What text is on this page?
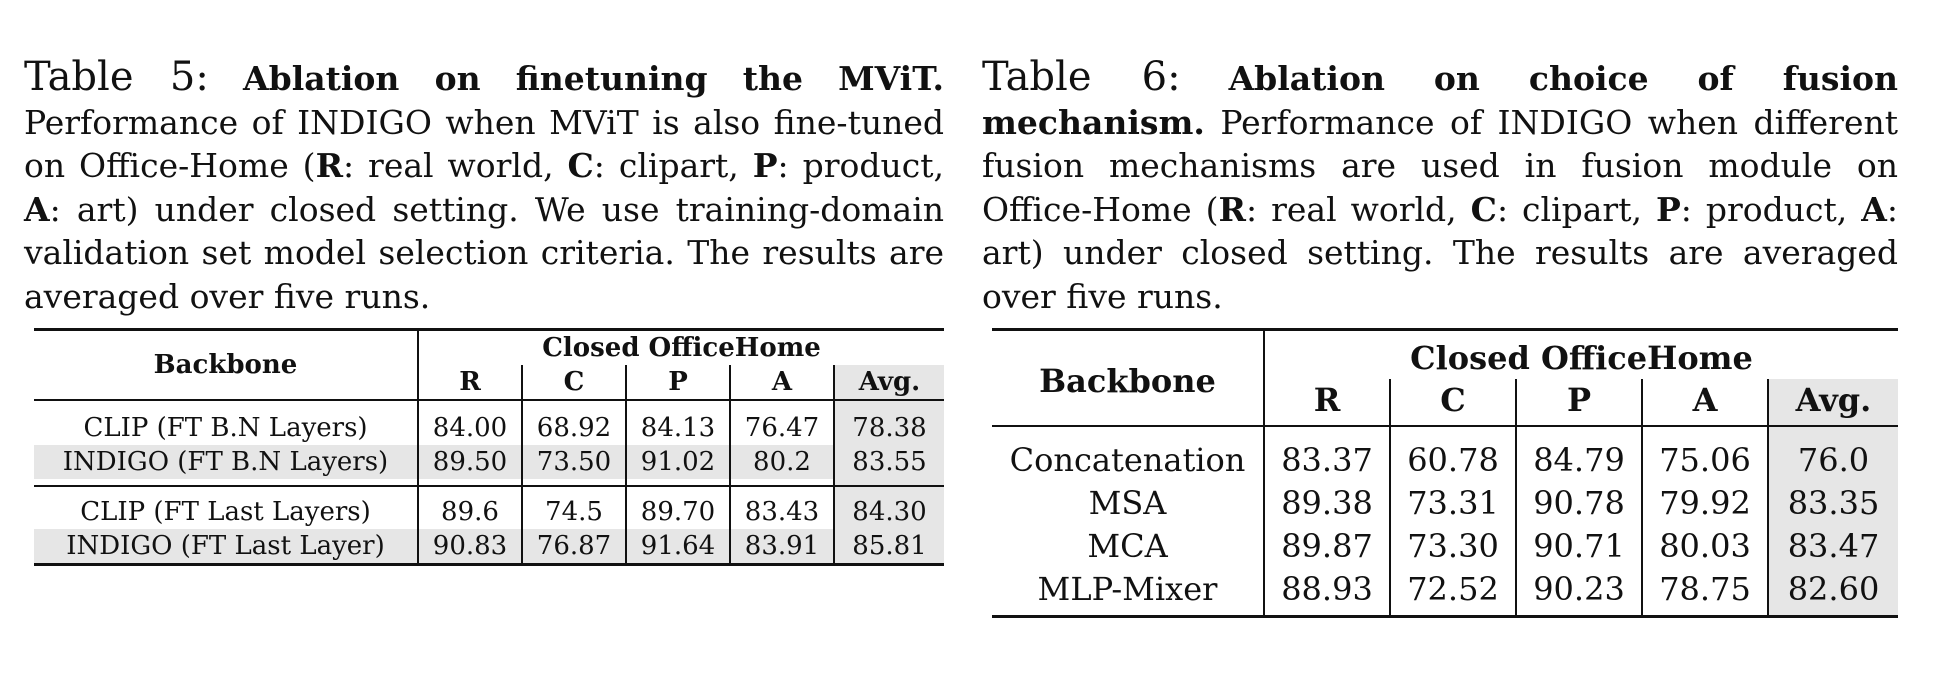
Table 5: Ablation on finetuning the MViT. Performance of INDIGO when MViT is also fine-tuned on Office-Home (R: real world, C: clipart, P: product, A: art) under closed setting. We use training-domain validation set model selection criteria. The results are averaged over five runs.

Backbone	Closed OfficeHome				
	R	C	P	A	Avg.
CLIP (FT B.N Layers)	84.00	68.92	84.13	76.47	78.38
INDIGO (FT B.N Layers)	89.50	73.50	91.02	80.2	83.55

CLIP (FT Last Layers)	89.6	74.5	89.70	83.43	84.30
INDIGO (FT Last Layer)	90.83	76.87	91.64	83.91	85.81

Table 6: Ablation on choice of fusion mechanism. Performance of INDIGO when different fusion mechanisms are used in fusion module on Office-Home (R: real world, C: clipart, P: product, A: art) under closed setting. The results are averaged over five runs.

Backbone	Closed OfficeHome				
	R	C	P	A	Avg.
Concatenation	83.37	60.78	84.79	75.06	76.0
MSA	89.38	73.31	90.78	79.92	83.35
MCA	89.87	73.30	90.71	80.03	83.47
MLP-Mixer	88.93	72.52	90.23	78.75	82.60
